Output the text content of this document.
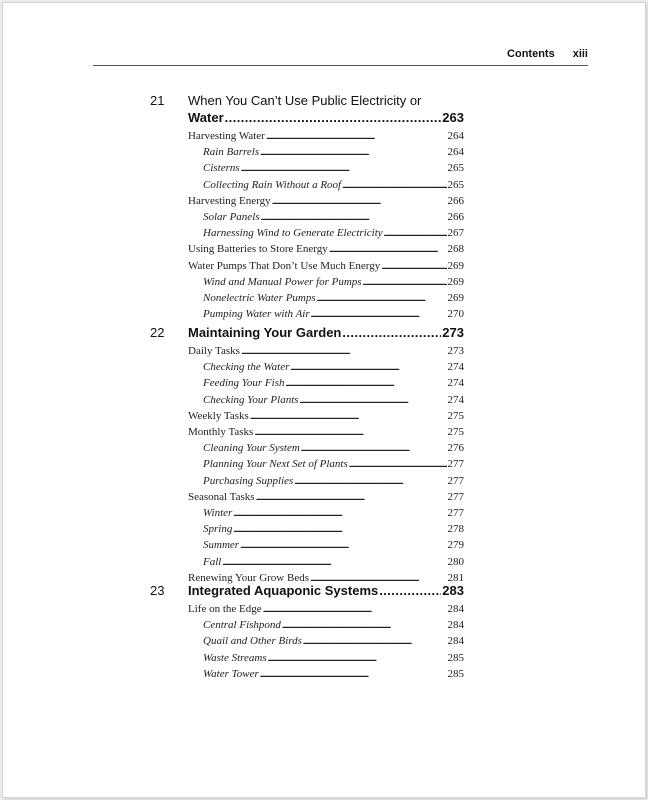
Contents xiii
21 When You Can’t Use Public Electricity or
Water . . .	263
Harvesting Water . . .	264
Rain Barrels . . .	264
Cisterns . . .	265
Collecting Rain Without a Roof . . .	265
Harvesting Energy . . .	266
Solar Panels . . .	266
Harnessing Wind to Generate Electricity . . .	267
Using Batteries to Store Energy . . .	268
Water Pumps That Don’t Use Much Energy . . .	269
Wind and Manual Power for Pumps . . .	269
Nonelectric Water Pumps . . .	269
Pumping Water with Air . . .	270
22 Maintaining Your Garden . . .	273
Daily Tasks . . .	273
Checking the Water . . .	274
Feeding Your Fish . . .	274
Checking Your Plants . . .	274
Weekly Tasks . . .	275
Monthly Tasks . . .	275
Cleaning Your System . . .	276
Planning Your Next Set of Plants . . .	277
Purchasing Supplies . . .	277
Seasonal Tasks . . .	277
Winter . . .	277
Spring . . .	278
Summer . . .	279
Fall . . .	280
Renewing Your Grow Beds . . .	281
23 Integrated Aquaponic Systems . . .	283
Life on the Edge . . .	284
Central Fishpond . . .	284
Quail and Other Birds . . .	284
Waste Streams . . .	285
Water Tower . . .	285
